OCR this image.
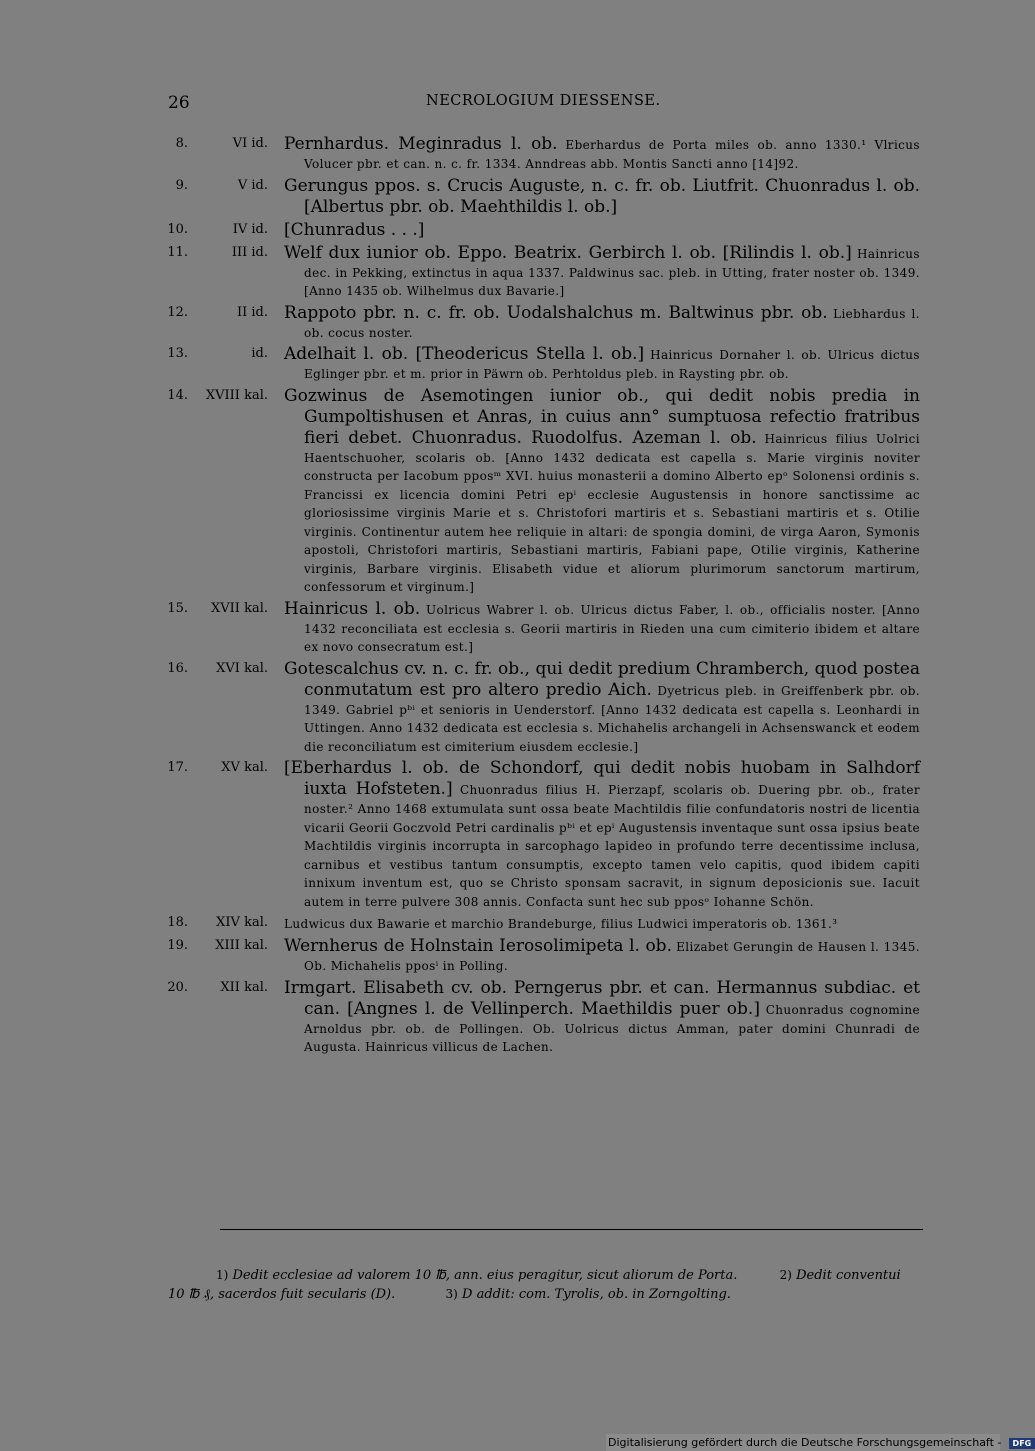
26	NECROLOGIUM DIESSENSE.
8.	VI id. Pernhardus. Meginradus l. ob. Eberhardus de Porta miles ob. anno 1330.¹ Vlricus Volucer pbr. et can. n. c. fr. 1334. Anndreas abb. Montis Sancti anno [14]92.
9.	V id. Gerungus ppos. s. Crucis Auguste, n. c. fr. ob. Liutfrit. Chuonradus l. ob. [Albertus pbr. ob. Maehthildis l. ob.]
10.	IV id. [Chunradus . . .]
11.	III id. Welf dux iunior ob. Eppo. Beatrix. Gerbirch l. ob. [Rilindis l. ob.] Hainricus dec. in Pekking, extinctus in aqua 1337. Paldwinus sac. pleb. in Utting, frater noster ob. 1349. [Anno 1435 ob. Wilhelmus dux Bavarie.]
12.	II id. Rappoto pbr. n. c. fr. ob. Uodalshalchus m. Baltwinus pbr. ob. Liebhardus l. ob. cocus noster.
13.	id. Adelhait l. ob. [Theodericus Stella l. ob.] Hainricus Dornaher l. ob. Ulricus dictus Eglinger pbr. et m. prior in Päwrn ob. Perhtoldus pleb. in Raysting pbr. ob.
14.	XVIII kal. Gozwinus de Asemotingen iunior ob., qui dedit nobis predia in Gumpoltishusen et Anras, in cuius ann° sumptuosa refectio fratribus fieri debet. Chuonradus. Ruodolfus. Azeman l. ob. Hainricus filius Uolrici Haentschuoher, scolaris ob. [Anno 1432 dedicata est capella s. Marie virginis noviter constructa per Iacobum pposᵐ XVI. huius monasterii a domino Alberto epᵒ Solonensi ordinis s. Francissi ex licencia domini Petri epⁱ ecclesie Augustensis in honore sanctissime ac gloriosissime virginis Marie et s. Christofori martiris et s. Sebastiani martiris et s. Otilie virginis. Continentur autem hee reliquie in altari: de spongia domini, de virga Aaron, Symonis apostoli, Christofori martiris, Sebastiani martiris, Fabiani pape, Otilie virginis, Katherine virginis, Barbare virginis. Elisabeth vidue et aliorum plurimorum sanctorum martirum, confessorum et virginum.]
15.	XVII kal. Hainricus l. ob. Uolricus Wabrer l. ob. Ulricus dictus Faber, l. ob., officialis noster. [Anno 1432 reconciliata est ecclesia s. Georii martiris in Rieden una cum cimiterio ibidem et altare ex novo consecratum est.]
16.	XVI kal. Gotescalchus cv. n. c. fr. ob., qui dedit predium Chramberch, quod postea conmutatum est pro altero predio Aich. Dyetricus pleb. in Greiffenberk pbr. ob. 1349. Gabriel pᵇⁱ et senioris in Uenderstorf. [Anno 1432 dedicata est capella s. Leonhardi in Uttingen. Anno 1432 dedicata est ecclesia s. Michahelis archangeli in Achsenswanck et eodem die reconciliatum est cimiterium eiusdem ecclesie.]
17.	XV kal. [Eberhardus l. ob. de Schondorf, qui dedit nobis huobam in Salhdorf iuxta Hofsteten.] Chuonradus filius H. Pierzapf, scolaris ob. Duering pbr. ob., frater noster.² Anno 1468 extumulata sunt ossa beate Machtildis filie confundatoris nostri de licentia vicarii Georii Goczvold Petri cardinalis pᵇⁱ et epⁱ Augustensis inventaque sunt ossa ipsius beate Machtildis virginis incorrupta in sarcophago lapideo in profundo terre decentissime inclusa, carnibus et vestibus tantum consumptis, excepto tamen velo capitis, quod ibidem capiti innixum inventum est, quo se Christo sponsam sacravit, in signum deposicionis sue. Iacuit autem in terre pulvere 308 annis. Confacta sunt hec sub pposᵒ Iohanne Schön.
18.	XIV kal. Ludwicus dux Bawarie et marchio Brandeburge, filius Ludwici imperatoris ob. 1361.³
19.	XIII kal. Wernherus de Holnstain Ierosolimipeta l. ob. Elizabet Gerungin de Hausen l. 1345. Ob. Michahelis pposⁱ in Polling.
20.	XII kal. Irmgart. Elisabeth cv. ob. Perngerus pbr. et can. Hermannus subdiac. et can. [Angnes l. de Vellinperch. Maethildis puer ob.] Chuonradus cognomine Arnoldus pbr. ob. de Pollingen. Ob. Uolricus dictus Amman, pater domini Chunradi de Augusta. Hainricus villicus de Lachen.
1) Dedit ecclesiae ad valorem 10 ℔, ann. eius peragitur, sicut aliorum de Porta.	2) Dedit conventui
10 ℔ ₰, sacerdos fuit secularis (D).	3) D addit: com. Tyrolis, ob. in Zorngolting.
Digitalisierung gefördert durch die Deutsche Forschungsgemeinschaft - DFG
